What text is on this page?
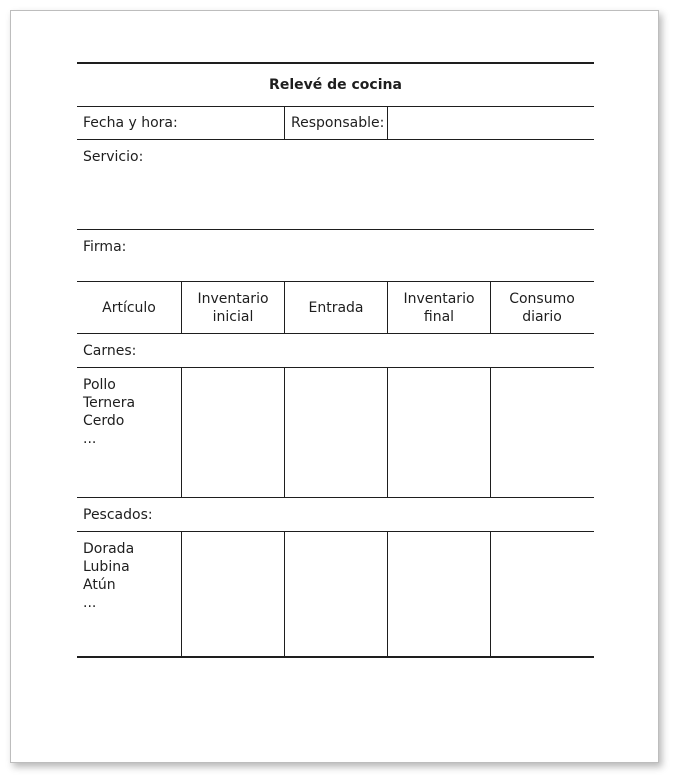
Relevé de cocina
Fecha y hora:	Responsable:
Servicio:
Firma:
Artículo
Inventario
inicial
Entrada
Inventario
final
Consumo
diario
Carnes:
Pollo
Ternera
Cerdo
...
Pescados:
Dorada
Lubina
Atún
...
